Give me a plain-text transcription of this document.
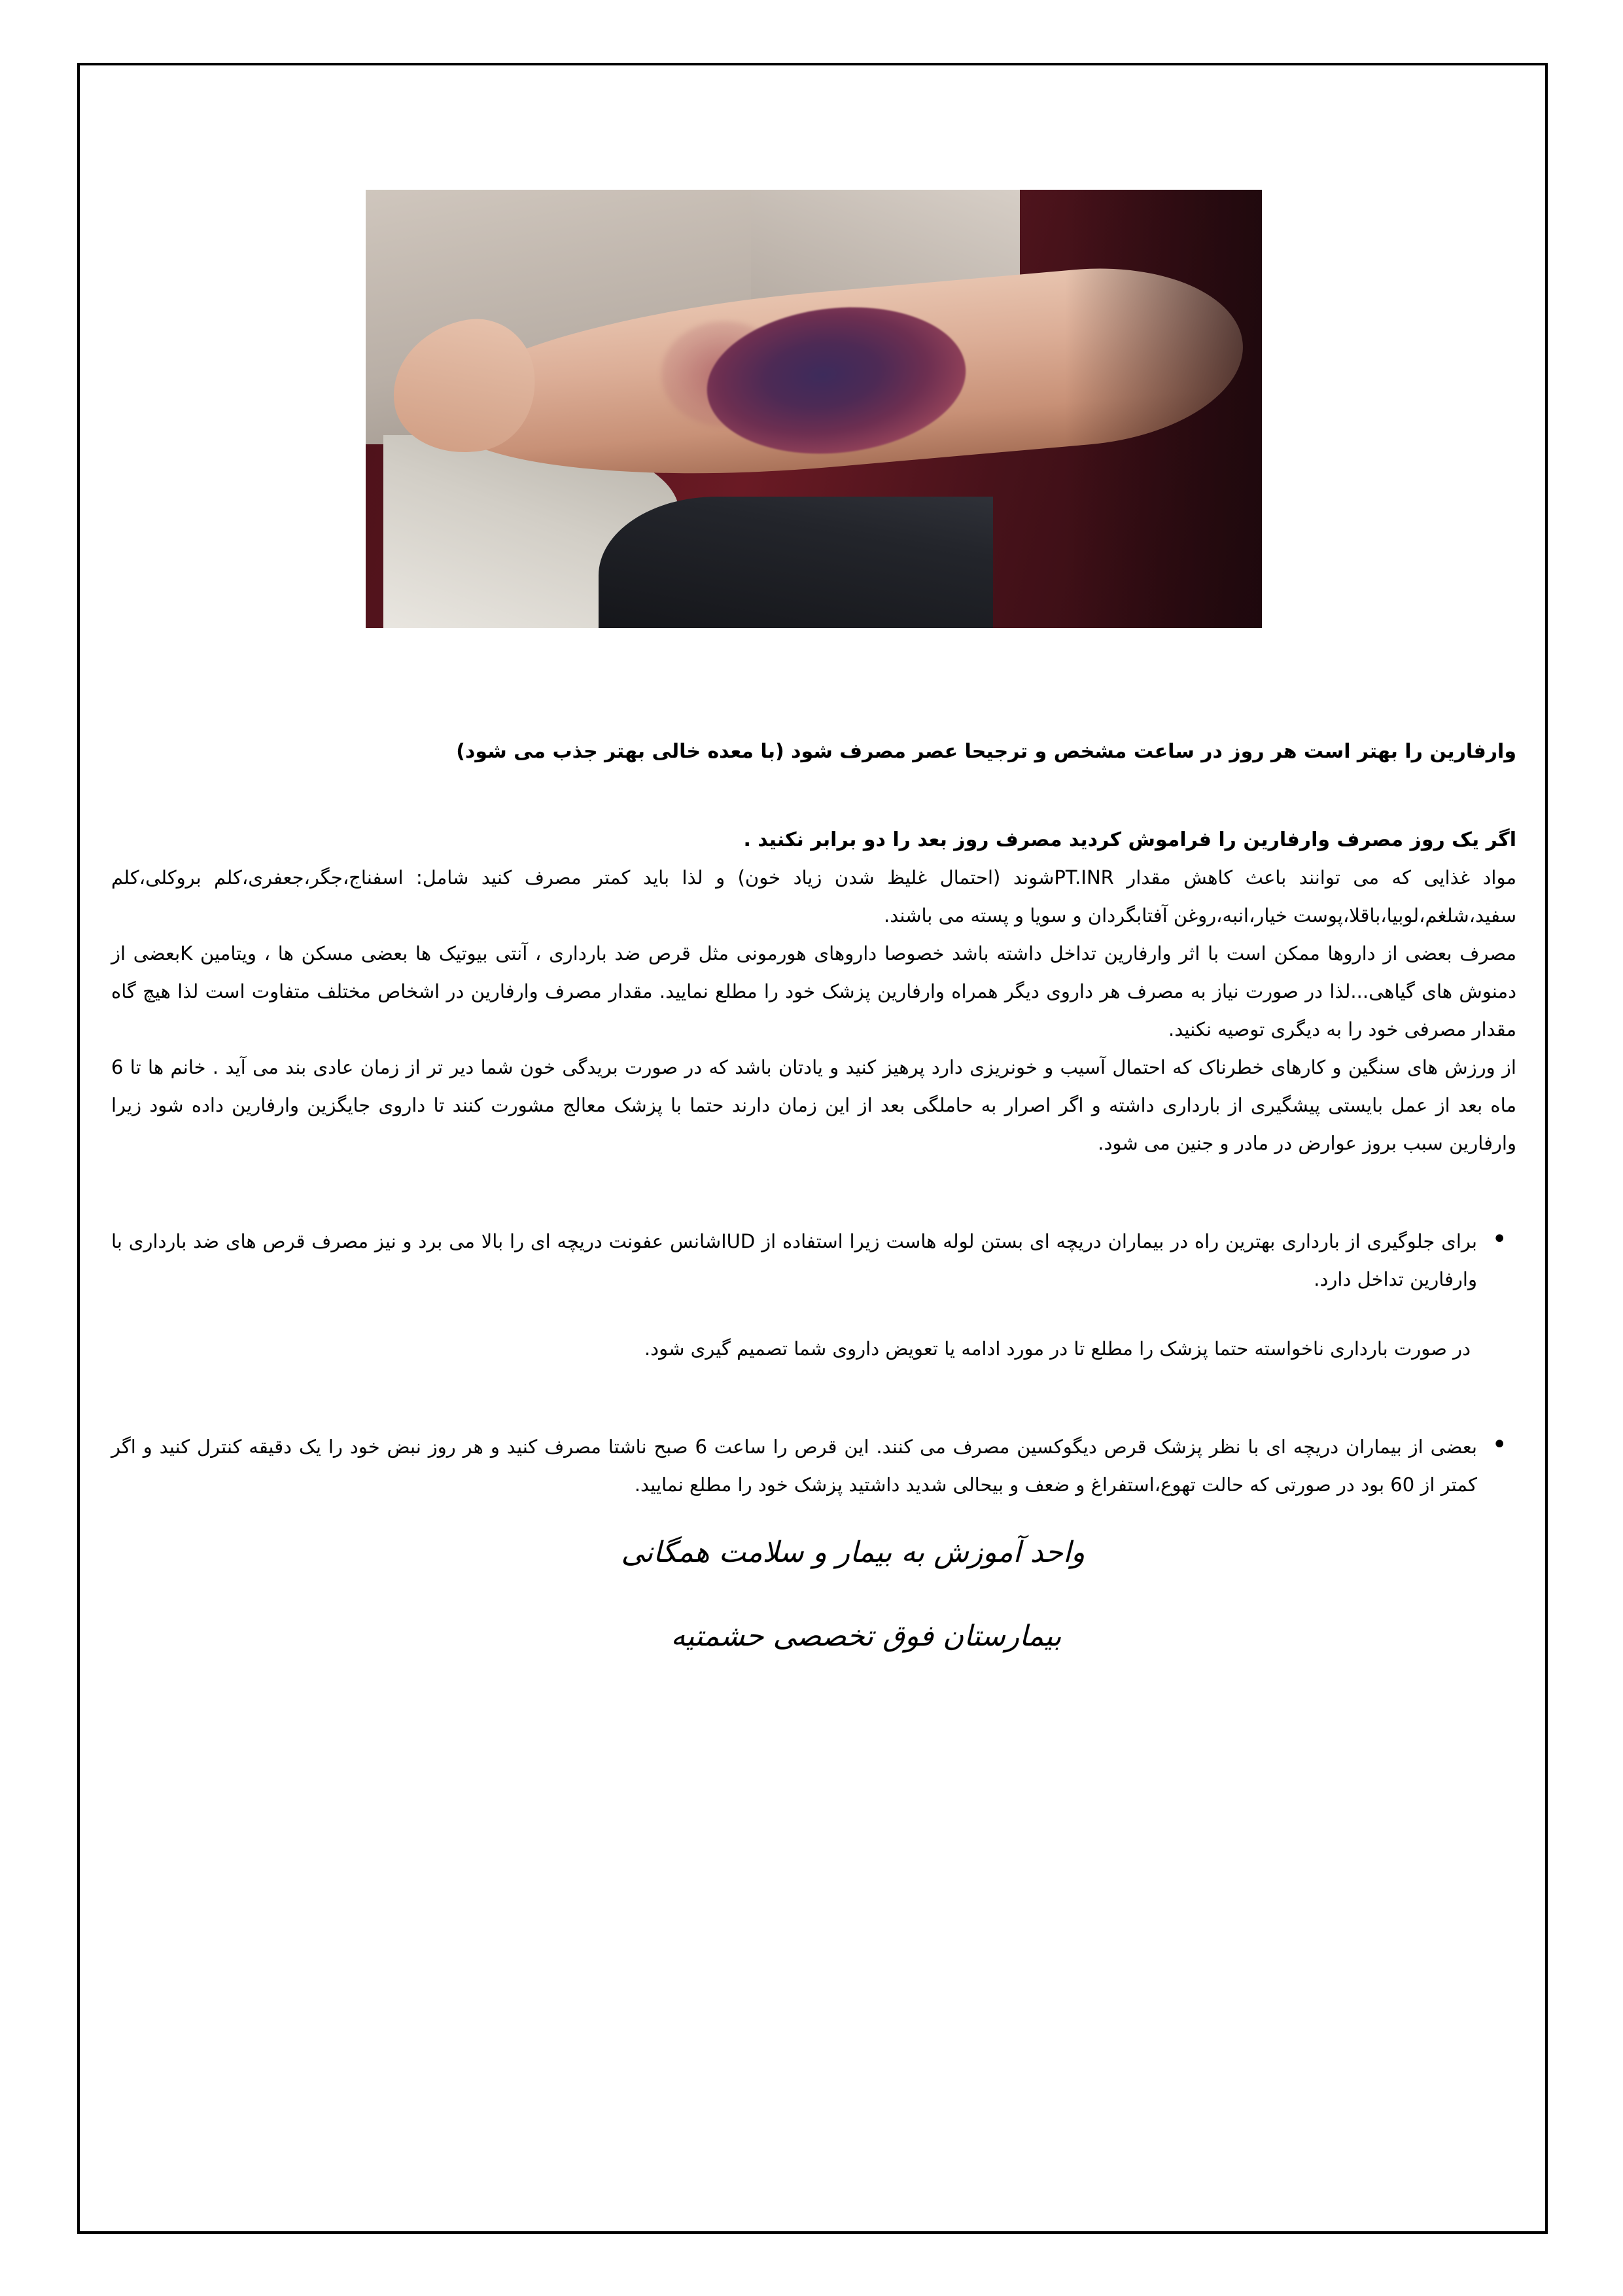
وارفارین را بهتر است هر روز در ساعت مشخص و ترجیحا عصر مصرف شود (با معده خالی بهتر جذب می شود)
اگر یک روز مصرف وارفارین را فراموش کردید مصرف روز بعد را دو برابر نکنید .

مواد غذایی که می توانند باعث کاهش مقدار PT.INRشوند (احتمال غلیظ شدن زیاد خون) و لذا باید کمتر مصرف کنید شامل: اسفناج،جگر،جعفری،کلم بروکلی،کلم سفید،شلغم،لوبیا،باقلا،پوست خیار،انبه،روغن آفتابگردان و سویا و پسته می باشند.

مصرف بعضی از داروها ممکن است با اثر وارفارین تداخل داشته باشد خصوصا داروهای هورمونی مثل قرص ضد بارداری ، آنتی بیوتیک ها بعضی مسکن ها ، ویتامین Kبعضی از دمنوش های گیاهی...لذا در صورت نیاز به مصرف هر داروی دیگر همراه وارفارین پزشک خود را مطلع نمایید. مقدار مصرف وارفارین در اشخاص مختلف متفاوت است لذا هیچ گاه مقدار مصرفی خود را به دیگری توصیه نکنید.

از ورزش های سنگین و کارهای خطرناک که احتمال آسیب و خونریزی دارد پرهیز کنید و یادتان باشد که در صورت بریدگی خون شما دیر تر از زمان عادی بند می آید . خانم ها تا 6 ماه بعد از عمل بایستی پیشگیری از بارداری داشته و اگر اصرار به حاملگی بعد از این زمان دارند حتما با پزشک معالج مشورت کنند تا داروی جایگزین وارفارین داده شود زیرا وارفارین سبب بروز عوارض در مادر و جنین می شود.

• برای جلوگیری از بارداری بهترین راه در بیماران دریچه ای بستن لوله هاست زیرا استفاده از IUDشانس عفونت دریچه ای را بالا می برد و نیز مصرف قرص های ضد بارداری با وارفارین تداخل دارد.
در صورت بارداری ناخواسته حتما پزشک را مطلع تا در مورد ادامه یا تعویض داروی شما تصمیم گیری شود.
• بعضی از بیماران دریچه ای با نظر پزشک قرص دیگوکسین مصرف می کنند. این قرص را ساعت 6 صبح ناشتا مصرف کنید و هر روز نبض خود را یک دقیقه کنترل کنید و اگر کمتر از 60 بود در صورتی که حالت تهوع،استفراغ و ضعف و بیحالی شدید داشتید پزشک خود را مطلع نمایید.
واحد آموزش به بیمار و سلامت همگانی
بیمارستان فوق تخصصی حشمتیه
